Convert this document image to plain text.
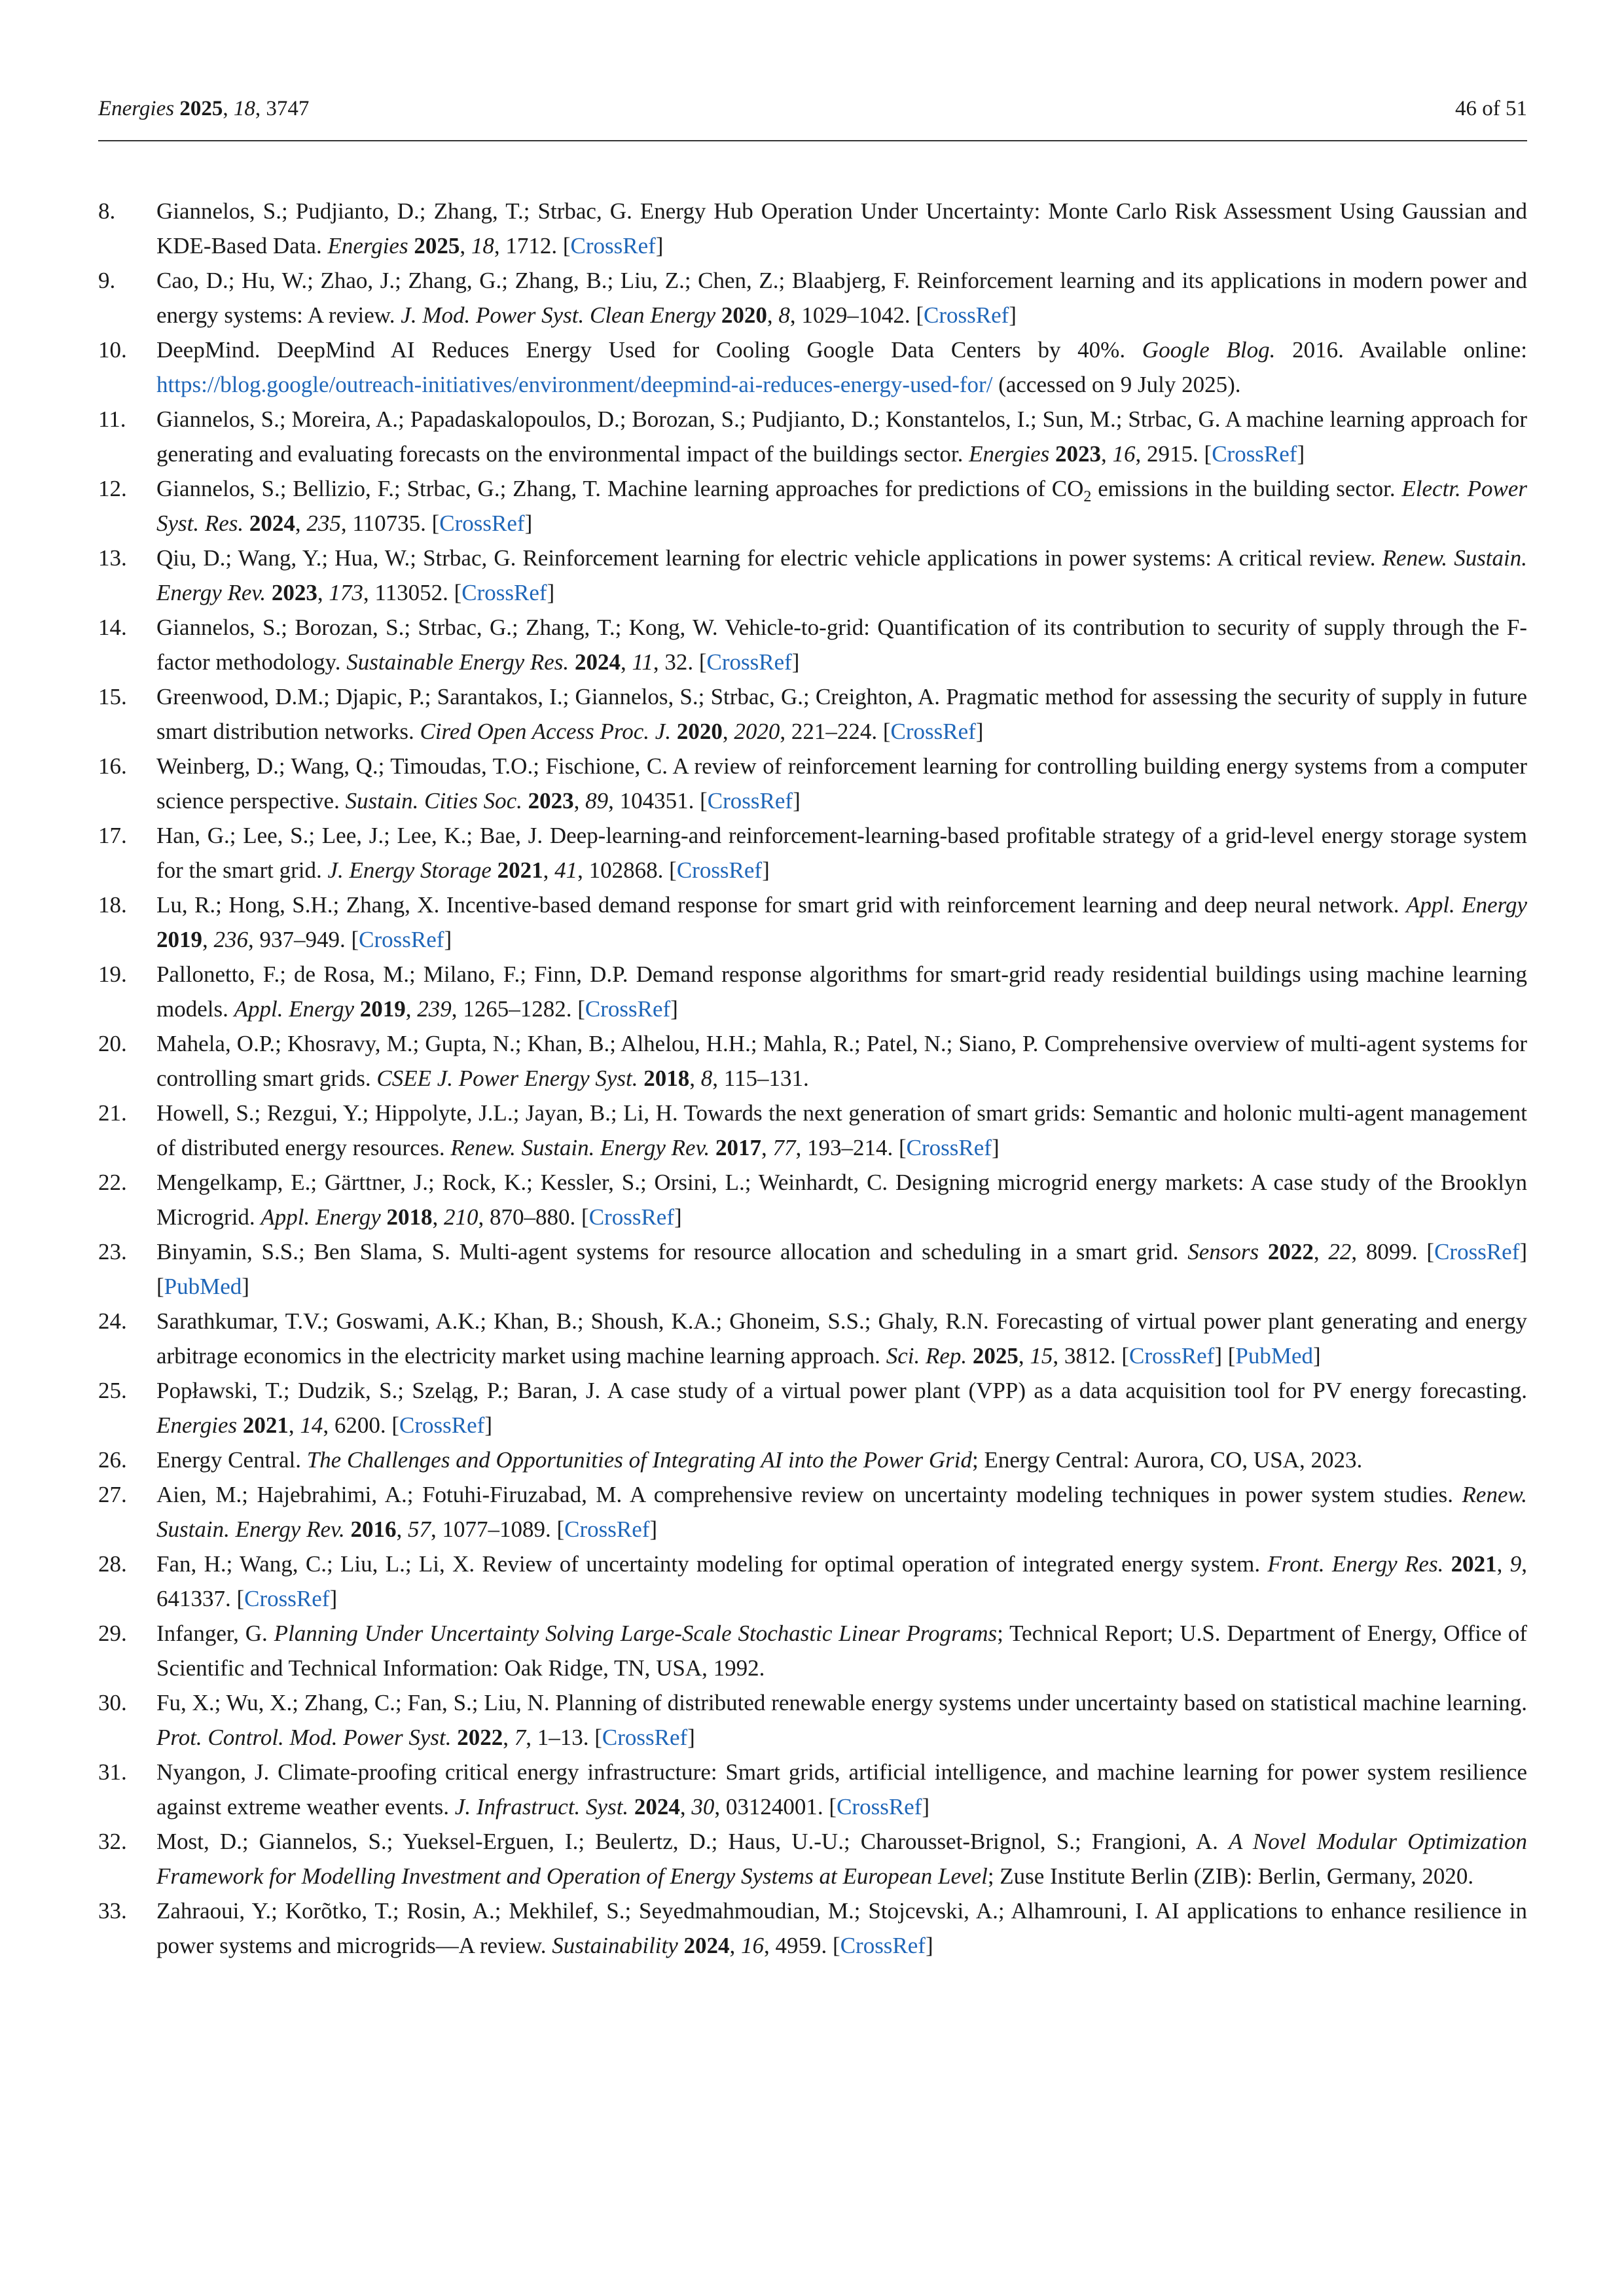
Energies 2025, 18, 3747	46 of 51
8. Giannelos, S.; Pudjianto, D.; Zhang, T.; Strbac, G. Energy Hub Operation Under Uncertainty: Monte Carlo Risk Assessment Using Gaussian and KDE-Based Data. Energies 2025, 18, 1712. [CrossRef]
9. Cao, D.; Hu, W.; Zhao, J.; Zhang, G.; Zhang, B.; Liu, Z.; Chen, Z.; Blaabjerg, F. Reinforcement learning and its applications in modern power and energy systems: A review. J. Mod. Power Syst. Clean Energy 2020, 8, 1029–1042. [CrossRef]
10. DeepMind. DeepMind AI Reduces Energy Used for Cooling Google Data Centers by 40%. Google Blog. 2016. Available online: https://blog.google/outreach-initiatives/environment/deepmind-ai-reduces-energy-used-for/ (accessed on 9 July 2025).
11. Giannelos, S.; Moreira, A.; Papadaskalopoulos, D.; Borozan, S.; Pudjianto, D.; Konstantelos, I.; Sun, M.; Strbac, G. A machine learning approach for generating and evaluating forecasts on the environmental impact of the buildings sector. Energies 2023, 16, 2915. [CrossRef]
12. Giannelos, S.; Bellizio, F.; Strbac, G.; Zhang, T. Machine learning approaches for predictions of $CO_2$ emissions in the building sector. Electr. Power Syst. Res. 2024, 235, 110735. [CrossRef]
13. Qiu, D.; Wang, Y.; Hua, W.; Strbac, G. Reinforcement learning for electric vehicle applications in power systems: A critical review. Renew. Sustain. Energy Rev. 2023, 173, 113052. [CrossRef]
14. Giannelos, S.; Borozan, S.; Strbac, G.; Zhang, T.; Kong, W. Vehicle-to-grid: Quantification of its contribution to security of supply through the F-factor methodology. Sustainable Energy Res. 2024, 11, 32. [CrossRef]
15. Greenwood, D.M.; Djapic, P.; Sarantakos, I.; Giannelos, S.; Strbac, G.; Creighton, A. Pragmatic method for assessing the security of supply in future smart distribution networks. Cired Open Access Proc. J. 2020, 2020, 221–224. [CrossRef]
16. Weinberg, D.; Wang, Q.; Timoudas, T.O.; Fischione, C. A review of reinforcement learning for controlling building energy systems from a computer science perspective. Sustain. Cities Soc. 2023, 89, 104351. [CrossRef]
17. Han, G.; Lee, S.; Lee, J.; Lee, K.; Bae, J. Deep-learning-and reinforcement-learning-based profitable strategy of a grid-level energy storage system for the smart grid. J. Energy Storage 2021, 41, 102868. [CrossRef]
18. Lu, R.; Hong, S.H.; Zhang, X. Incentive-based demand response for smart grid with reinforcement learning and deep neural network. Appl. Energy 2019, 236, 937–949. [CrossRef]
19. Pallonetto, F.; de Rosa, M.; Milano, F.; Finn, D.P. Demand response algorithms for smart-grid ready residential buildings using machine learning models. Appl. Energy 2019, 239, 1265–1282. [CrossRef]
20. Mahela, O.P.; Khosravy, M.; Gupta, N.; Khan, B.; Alhelou, H.H.; Mahla, R.; Patel, N.; Siano, P. Comprehensive overview of multi-agent systems for controlling smart grids. CSEE J. Power Energy Syst. 2018, 8, 115–131.
21. Howell, S.; Rezgui, Y.; Hippolyte, J.L.; Jayan, B.; Li, H. Towards the next generation of smart grids: Semantic and holonic multi-agent management of distributed energy resources. Renew. Sustain. Energy Rev. 2017, 77, 193–214. [CrossRef]
22. Mengelkamp, E.; Gärttner, J.; Rock, K.; Kessler, S.; Orsini, L.; Weinhardt, C. Designing microgrid energy markets: A case study of the Brooklyn Microgrid. Appl. Energy 2018, 210, 870–880. [CrossRef]
23. Binyamin, S.S.; Ben Slama, S. Multi-agent systems for resource allocation and scheduling in a smart grid. Sensors 2022, 22, 8099. [CrossRef] [PubMed]
24. Sarathkumar, T.V.; Goswami, A.K.; Khan, B.; Shoush, K.A.; Ghoneim, S.S.; Ghaly, R.N. Forecasting of virtual power plant generating and energy arbitrage economics in the electricity market using machine learning approach. Sci. Rep. 2025, 15, 3812. [CrossRef] [PubMed]
25. Popławski, T.; Dudzik, S.; Szeląg, P.; Baran, J. A case study of a virtual power plant (VPP) as a data acquisition tool for PV energy forecasting. Energies 2021, 14, 6200. [CrossRef]
26. Energy Central. The Challenges and Opportunities of Integrating AI into the Power Grid; Energy Central: Aurora, CO, USA, 2023.
27. Aien, M.; Hajebrahimi, A.; Fotuhi-Firuzabad, M. A comprehensive review on uncertainty modeling techniques in power system studies. Renew. Sustain. Energy Rev. 2016, 57, 1077–1089. [CrossRef]
28. Fan, H.; Wang, C.; Liu, L.; Li, X. Review of uncertainty modeling for optimal operation of integrated energy system. Front. Energy Res. 2021, 9, 641337. [CrossRef]
29. Infanger, G. Planning Under Uncertainty Solving Large-Scale Stochastic Linear Programs; Technical Report; U.S. Department of Energy, Office of Scientific and Technical Information: Oak Ridge, TN, USA, 1992.
30. Fu, X.; Wu, X.; Zhang, C.; Fan, S.; Liu, N. Planning of distributed renewable energy systems under uncertainty based on statistical machine learning. Prot. Control. Mod. Power Syst. 2022, 7, 1–13. [CrossRef]
31. Nyangon, J. Climate-proofing critical energy infrastructure: Smart grids, artificial intelligence, and machine learning for power system resilience against extreme weather events. J. Infrastruct. Syst. 2024, 30, 03124001. [CrossRef]
32. Most, D.; Giannelos, S.; Yueksel-Erguen, I.; Beulertz, D.; Haus, U.-U.; Charousset-Brignol, S.; Frangioni, A. A Novel Modular Optimization Framework for Modelling Investment and Operation of Energy Systems at European Level; Zuse Institute Berlin (ZIB): Berlin, Germany, 2020.
33. Zahraoui, Y.; Korõtko, T.; Rosin, A.; Mekhilef, S.; Seyedmahmoudian, M.; Stojcevski, A.; Alhamrouni, I. AI applications to enhance resilience in power systems and microgrids—A review. Sustainability 2024, 16, 4959. [CrossRef]
